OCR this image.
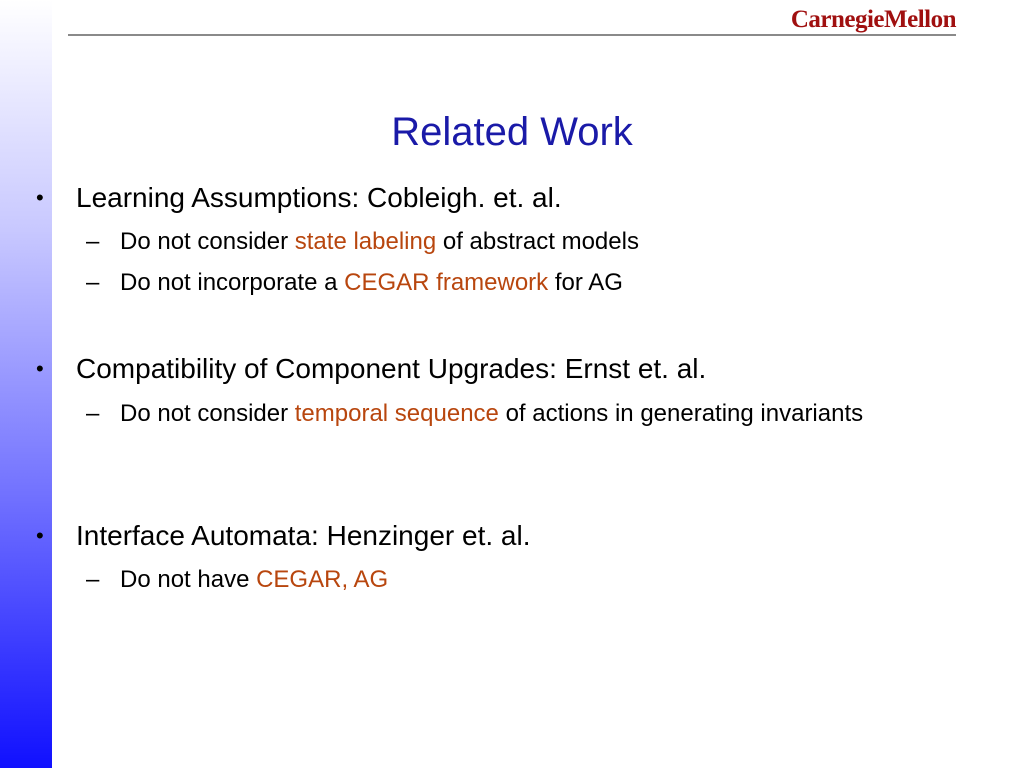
CarnegieMellon
Related Work
• Learning Assumptions: Cobleigh. et. al.
– Do not consider state labeling of abstract models
– Do not incorporate a CEGAR framework for AG
• Compatibility of Component Upgrades: Ernst et. al.
– Do not consider temporal sequence of actions in generating invariants
• Interface Automata: Henzinger et. al.
– Do not have CEGAR, AG
